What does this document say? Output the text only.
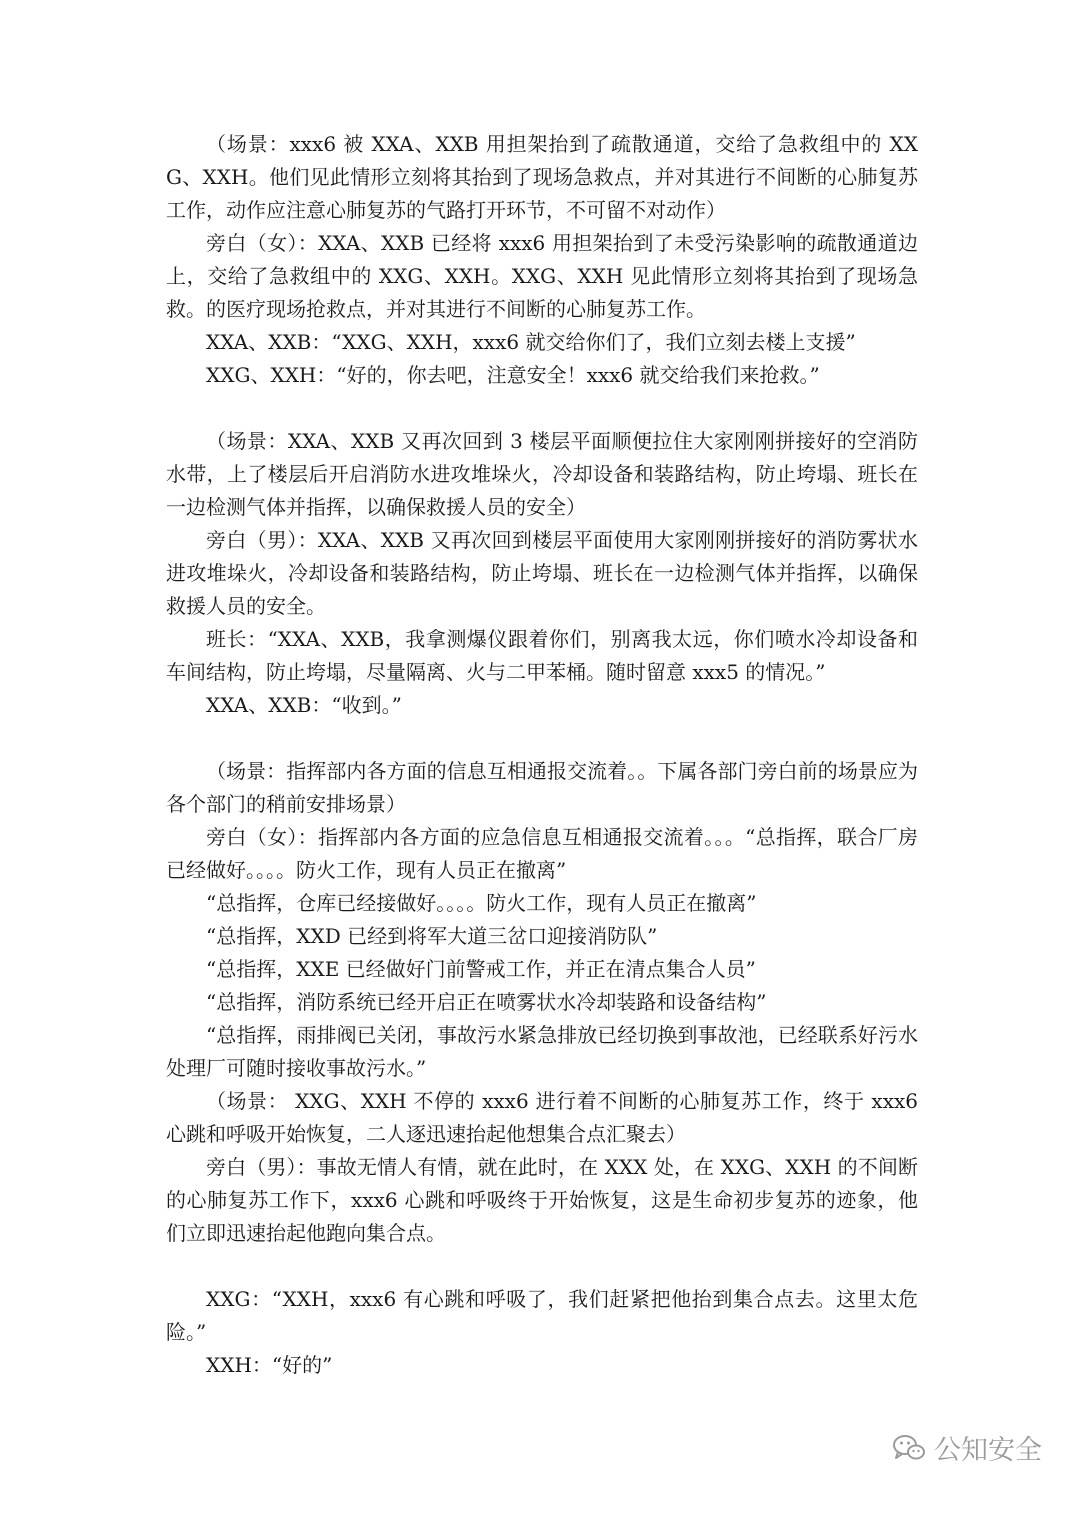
（场景：xxx6 被 XXA、XXB 用担架抬到了疏散通道，交给了急救组中的 XXG、XXH。他们见此情形立刻将其抬到了现场急救点，并对其进行不间断的心肺复苏工作，动作应注意心肺复苏的气路打开环节，不可留不对动作）

旁白（女）：XXA、XXB 已经将 xxx6 用担架抬到了未受污染影响的疏散通道边上，交给了急救组中的 XXG、XXH。XXG、XXH 见此情形立刻将其抬到了现场急救。的医疗现场抢救点，并对其进行不间断的心肺复苏工作。

XXA、XXB：“XXG、XXH，xxx6 就交给你们了，我们立刻去楼上支援”

XXG、XXH：“好的，你去吧，注意安全！xxx6 就交给我们来抢救。”

（场景：XXA、XXB 又再次回到 3 楼层平面顺便拉住大家刚刚拼接好的空消防水带，上了楼层后开启消防水进攻堆垛火，冷却设备和装路结构，防止垮塌、班长在一边检测气体并指挥，以确保救援人员的安全）

旁白（男）：XXA、XXB 又再次回到楼层平面使用大家刚刚拼接好的消防雾状水进攻堆垛火，冷却设备和装路结构，防止垮塌、班长在一边检测气体并指挥，以确保救援人员的安全。

班长：“XXA、XXB，我拿测爆仪跟着你们，别离我太远，你们喷水冷却设备和车间结构，防止垮塌，尽量隔离、火与二甲苯桶。随时留意 xxx5 的情况。”

XXA、XXB：“收到。”

（场景：指挥部内各方面的信息互相通报交流着。。下属各部门旁白前的场景应为各个部门的稍前安排场景）

旁白（女）：指挥部内各方面的应急信息互相通报交流着。。。“总指挥，联合厂房已经做好。。。。防火工作，现有人员正在撤离”

“总指挥，仓库已经接做好。。。。防火工作，现有人员正在撤离”

“总指挥，XXD 已经到将军大道三岔口迎接消防队”

“总指挥，XXE 已经做好门前警戒工作，并正在清点集合人员”

“总指挥，消防系统已经开启正在喷雾状水冷却装路和设备结构”

“总指挥，雨排阀已关闭，事故污水紧急排放已经切换到事故池，已经联系好污水处理厂可随时接收事故污水。”

（场景： XXG、XXH 不停的 xxx6 进行着不间断的心肺复苏工作，终于 xxx6 心跳和呼吸开始恢复，二人逐迅速抬起他想集合点汇聚去）

旁白（男）：事故无情人有情，就在此时，在 XXX 处，在 XXG、XXH 的不间断的心肺复苏工作下，xxx6 心跳和呼吸终于开始恢复，这是生命初步复苏的迹象，他们立即迅速抬起他跑向集合点。

XXG：“XXH，xxx6 有心跳和呼吸了，我们赶紧把他抬到集合点去。这里太危险。”

XXH：“好的”

公知安全
